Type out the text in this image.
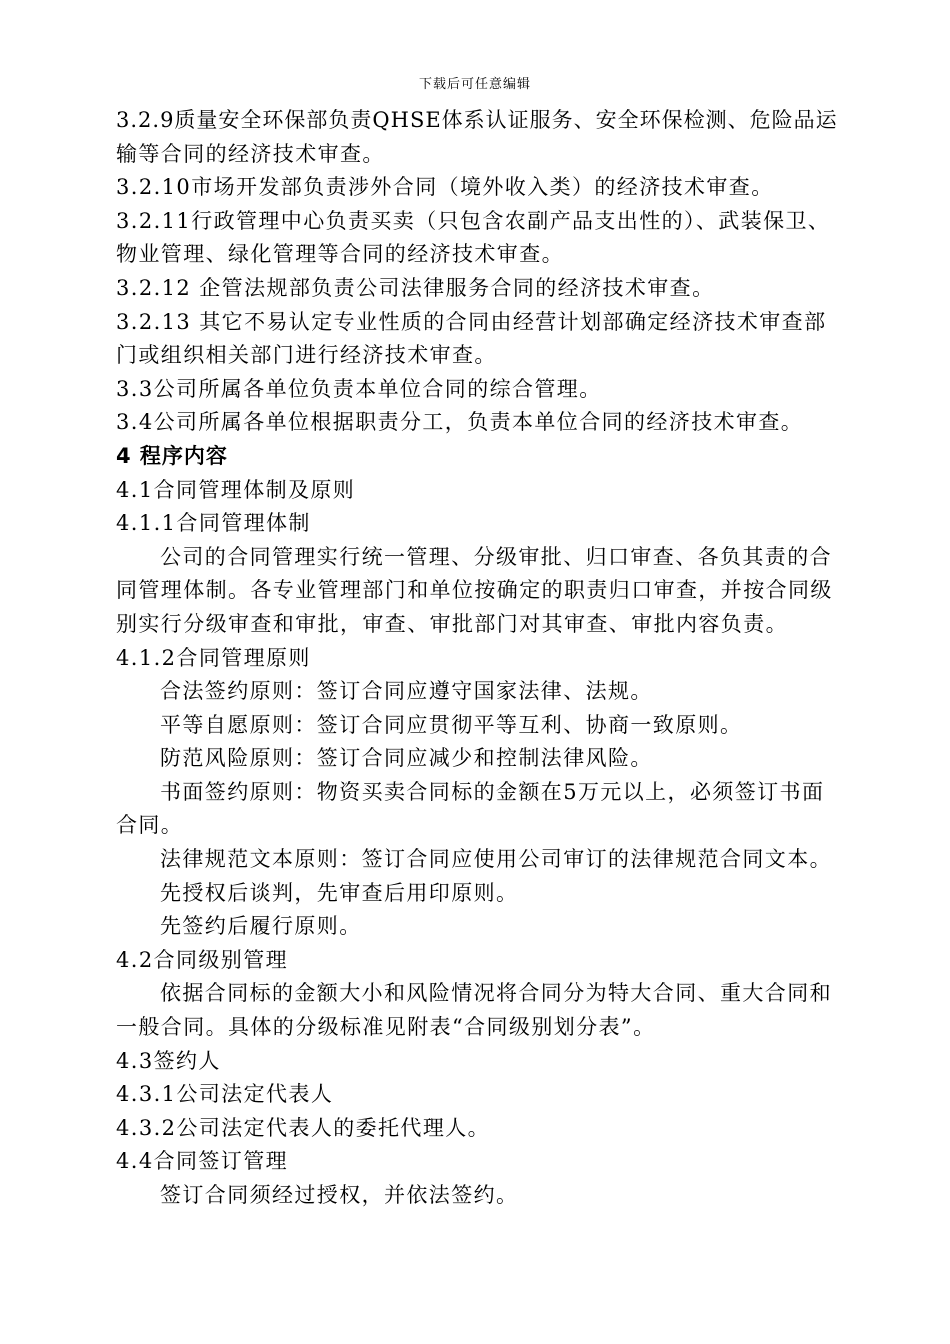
下载后可任意编辑
3.2.9质量安全环保部负责QHSE体系认证服务、安全环保检测、危险品运
输等合同的经济技术审查。
3.2.10市场开发部负责涉外合同（境外收入类）的经济技术审查。
3.2.11行政管理中心负责买卖（只包含农副产品支出性的）、武装保卫、
物业管理、绿化管理等合同的经济技术审查。
3.2.12 企管法规部负责公司法律服务合同的经济技术审查。
3.2.13 其它不易认定专业性质的合同由经营计划部确定经济技术审查部
门或组织相关部门进行经济技术审查。
3.3公司所属各单位负责本单位合同的综合管理。
3.4公司所属各单位根据职责分工，负责本单位合同的经济技术审查。
4 程序内容
4.1合同管理体制及原则
4.1.1合同管理体制
公司的合同管理实行统一管理、分级审批、归口审查、各负其责的合
同管理体制。各专业管理部门和单位按确定的职责归口审查，并按合同级
别实行分级审查和审批，审查、审批部门对其审查、审批内容负责。
4.1.2合同管理原则
合法签约原则：签订合同应遵守国家法律、法规。
平等自愿原则：签订合同应贯彻平等互利、协商一致原则。
防范风险原则：签订合同应减少和控制法律风险。
书面签约原则：物资买卖合同标的金额在5万元以上，必须签订书面
合同。
法律规范文本原则：签订合同应使用公司审订的法律规范合同文本。
先授权后谈判，先审查后用印原则。
先签约后履行原则。
4.2合同级别管理
依据合同标的金额大小和风险情况将合同分为特大合同、重大合同和
一般合同。具体的分级标准见附表“合同级别划分表”。
4.3签约人
4.3.1公司法定代表人
4.3.2公司法定代表人的委托代理人。
4.4合同签订管理
签订合同须经过授权，并依法签约。
